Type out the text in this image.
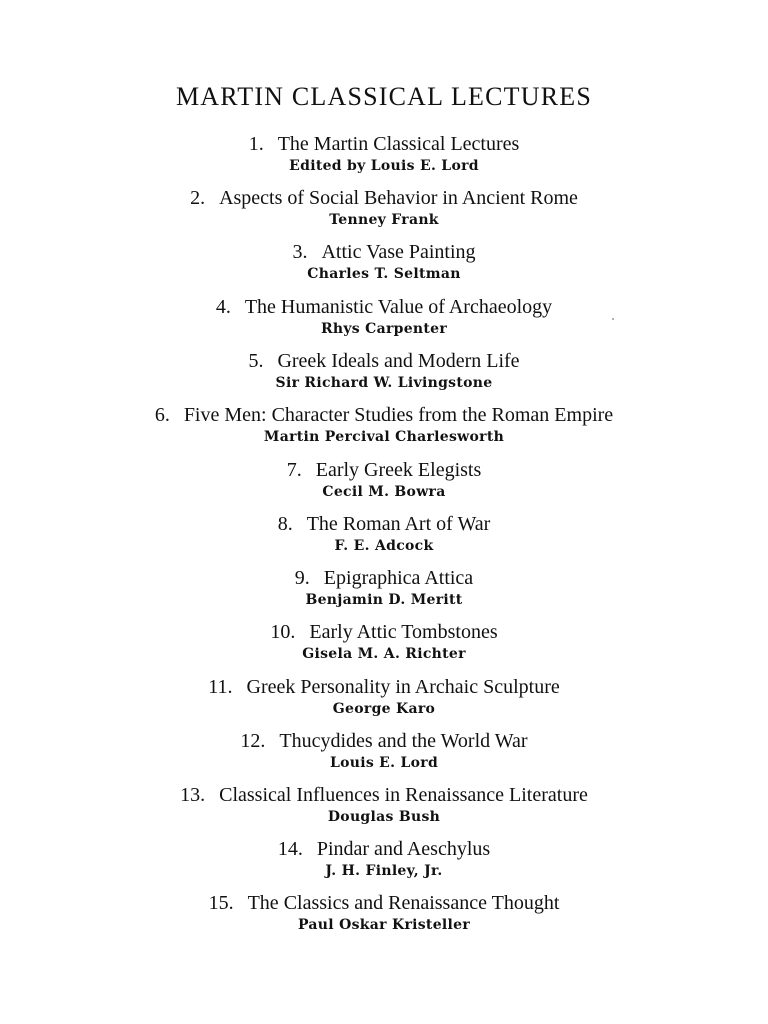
MARTIN CLASSICAL LECTURES
1. The Martin Classical Lectures
Edited by Louis E. Lord
2. Aspects of Social Behavior in Ancient Rome
Tenney Frank
3. Attic Vase Painting
Charles T. Seltman
4. The Humanistic Value of Archaeology
Rhys Carpenter
5. Greek Ideals and Modern Life
Sir Richard W. Livingstone
6. Five Men: Character Studies from the Roman Empire
Martin Percival Charlesworth
7. Early Greek Elegists
Cecil M. Bowra
8. The Roman Art of War
F. E. Adcock
9. Epigraphica Attica
Benjamin D. Meritt
10. Early Attic Tombstones
Gisela M. A. Richter
11. Greek Personality in Archaic Sculpture
George Karo
12. Thucydides and the World War
Louis E. Lord
13. Classical Influences in Renaissance Literature
Douglas Bush
14. Pindar and Aeschylus
J. H. Finley, Jr.
15. The Classics and Renaissance Thought
Paul Oskar Kristeller
